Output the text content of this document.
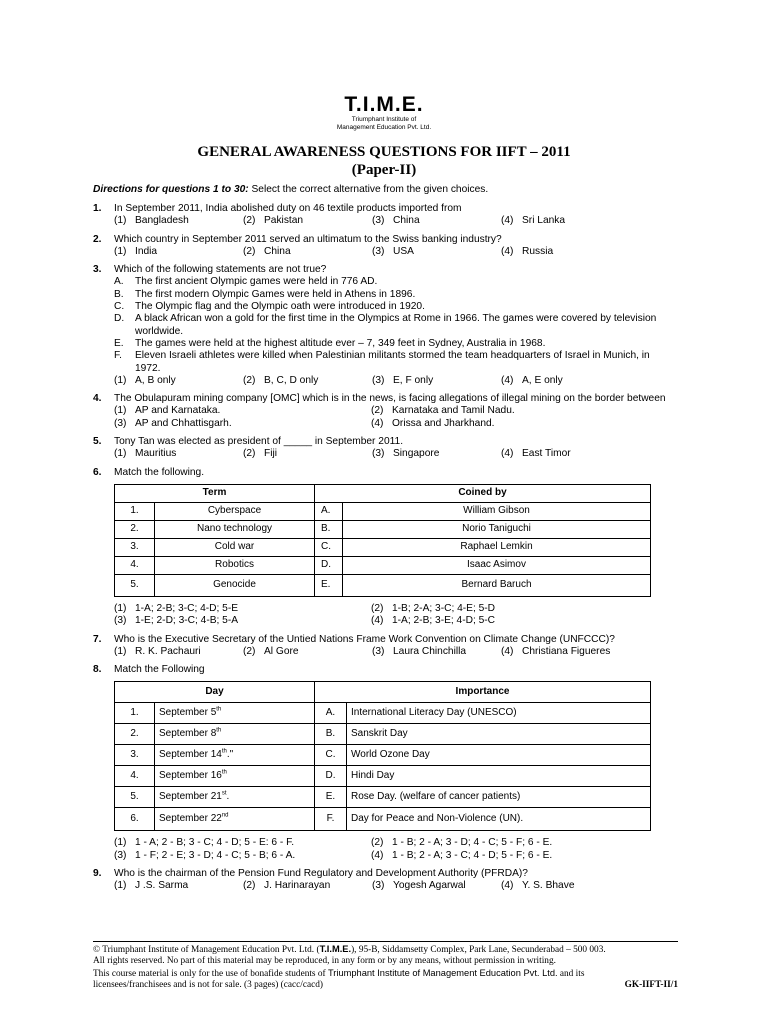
T.I.M.E.
Triumphant Institute of
Management Education Pvt. Ltd.
GENERAL AWARENESS QUESTIONS FOR IIFT – 2011
(Paper-II)
Directions for questions 1 to 30: Select the correct alternative from the given choices.
1. In September 2011, India abolished duty on 46 textile products imported from
(1) Bangladesh	(2) Pakistan	(3) China	(4) Sri Lanka
2. Which country in September 2011 served an ultimatum to the Swiss banking industry?
(1) India	(2) China	(3) USA	(4) Russia
3. Which of the following statements are not true?
A. The first ancient Olympic games were held in 776 AD.
B. The first modern Olympic Games were held in Athens in 1896.
C. The Olympic flag and the Olympic oath were introduced in 1920.
D. A black African won a gold for the first time in the Olympics at Rome in 1966. The games were covered by television worldwide.
E. The games were held at the highest altitude ever – 7, 349 feet in Sydney, Australia in 1968.
F. Eleven Israeli athletes were killed when Palestinian militants stormed the team headquarters of Israel in Munich, in 1972.
(1) A, B only	(2) B, C, D only	(3) E, F only	(4) A, E only
4. The Obulapuram mining company [OMC] which is in the news, is facing allegations of illegal mining on the border between
(1) AP and Karnataka.	(2) Karnataka and Tamil Nadu.
(3) AP and Chhattisgarh.	(4) Orissa and Jharkhand.
5. Tony Tan was elected as president of _____ in September 2011.
(1) Mauritius	(2) Fiji	(3) Singapore	(4) East Timor
6. Match the following.
Term		Coined by	
1.	Cyberspace	A.	William Gibson
2.	Nano technology	B.	Norio Taniguchi
3.	Cold war	C.	Raphael Lemkin
4.	Robotics	D.	Isaac Asimov
5.	Genocide	E.	Bernard Baruch
(1) 1-A; 2-B; 3-C; 4-D; 5-E	(2) 1-B; 2-A; 3-C; 4-E; 5-D
(3) 1-E; 2-D; 3-C; 4-B; 5-A	(4) 1-A; 2-B; 3-E; 4-D; 5-C
7. Who is the Executive Secretary of the Untied Nations Frame Work Convention on Climate Change (UNFCCC)?
(1) R. K. Pachauri	(2) Al Gore	(3) Laura Chinchilla	(4) Christiana Figueres
8. Match the Following
Day		Importance	
1.	September 5th	A.	International Literacy Day (UNESCO)
2.	September 8th	B.	Sanskrit Day
3.	September 14th."	C.	World Ozone Day
4.	September 16th	D.	Hindi Day
5.	September 21st.	E.	Rose Day. (welfare of cancer patients)
6.	September 22nd	F.	Day for Peace and Non-Violence (UN).
(1) 1 - A; 2 - B; 3 - C; 4 - D; 5 - E: 6 - F.	(2) 1 - B; 2 - A; 3 - D; 4 - C; 5 - F; 6 - E.
(3) 1 - F; 2 - E; 3 - D; 4 - C; 5 - B; 6 - A.	(4) 1 - B; 2 - A; 3 - C; 4 - D; 5 - F; 6 - E.
9. Who is the chairman of the Pension Fund Regulatory and Development Authority (PFRDA)?
(1) J .S. Sarma	(2) J. Harinarayan	(3) Yogesh Agarwal	(4) Y. S. Bhave
© Triumphant Institute of Management Education Pvt. Ltd. (T.I.M.E.), 95-B, Siddamsetty Complex, Park Lane, Secunderabad – 500 003.
All rights reserved. No part of this material may be reproduced, in any form or by any means, without permission in writing.
This course material is only for the use of bonafide students of Triumphant Institute of Management Education Pvt. Ltd. and its
licensees/franchisees and is not for sale. (3 pages) (cacc/cacd)	GK-IIFT-II/1
